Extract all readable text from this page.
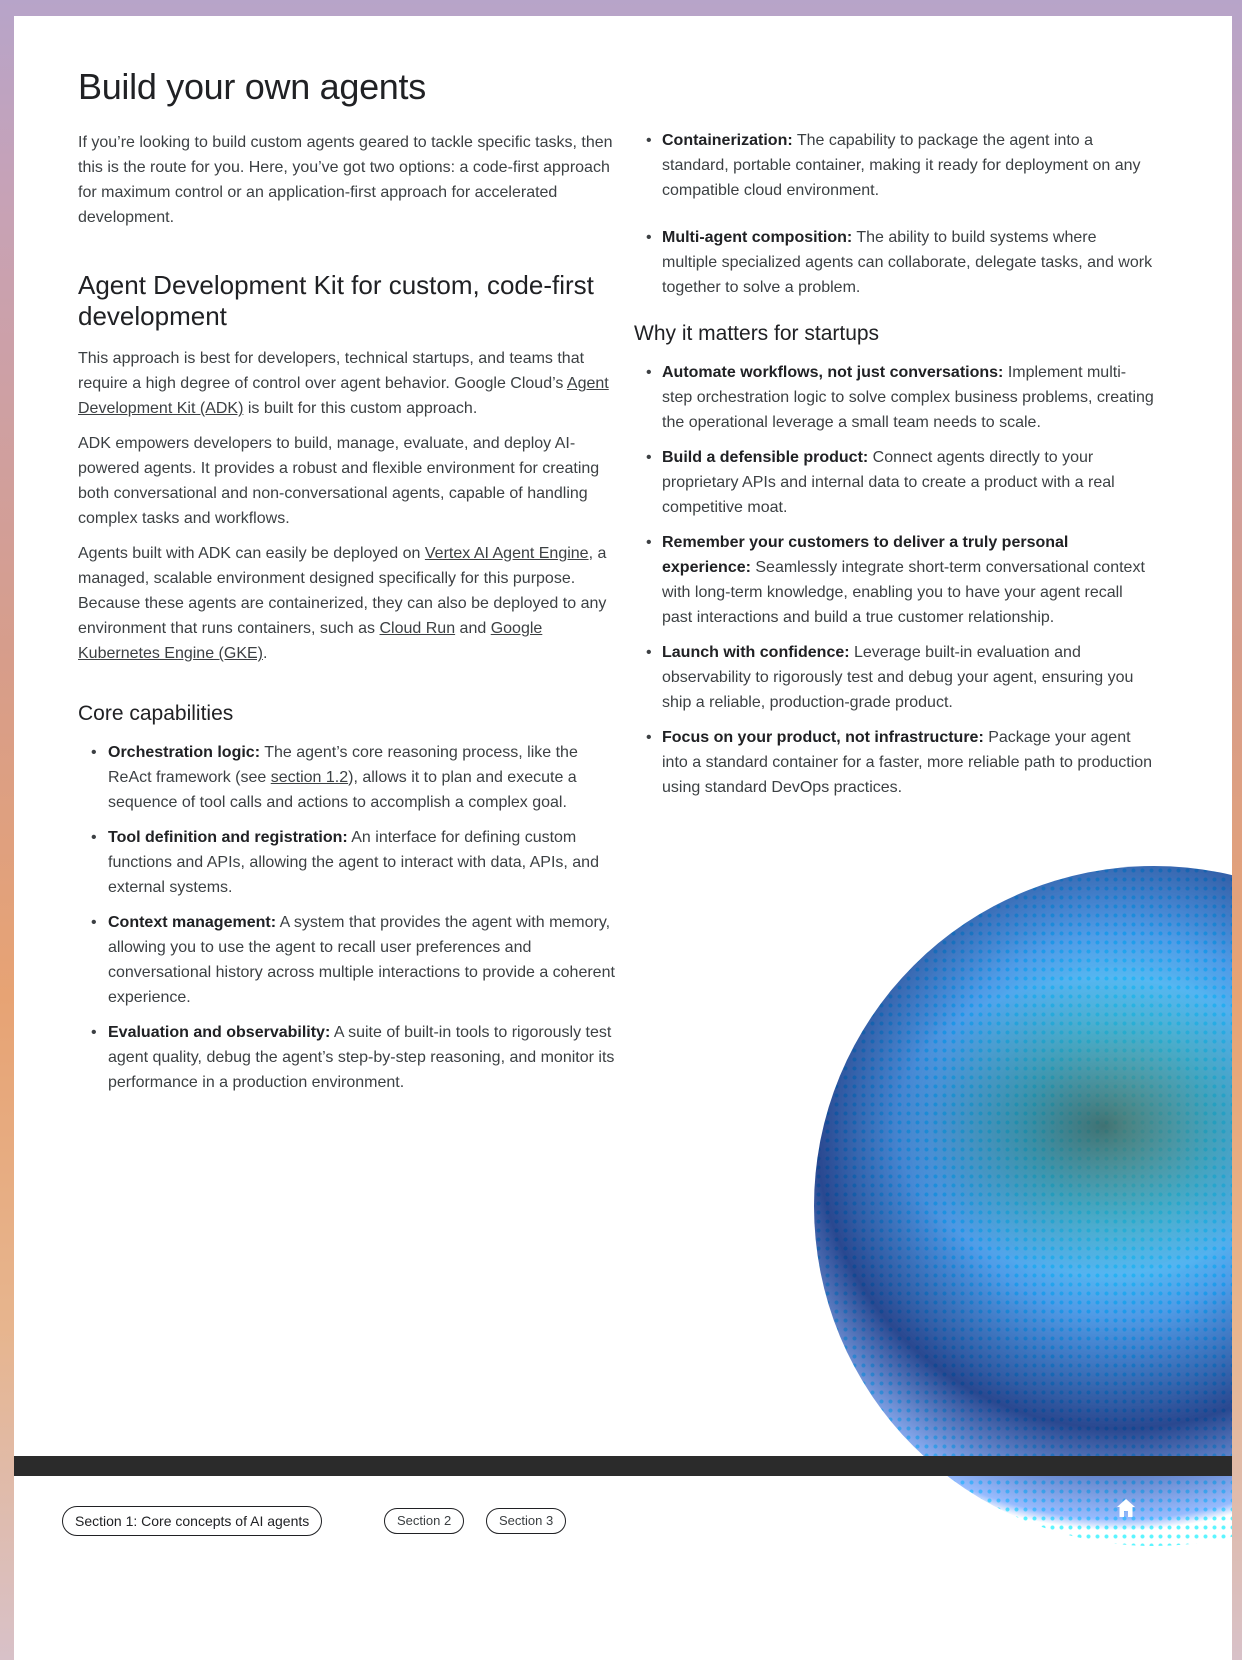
Build your own agents

If you’re looking to build custom agents geared to tackle specific tasks, then this is the route for you. Here, you’ve got two options: a code-first approach for maximum control or an application-first approach for accelerated development.

Agent Development Kit for custom, code-first development

This approach is best for developers, technical startups, and teams that require a high degree of control over agent behavior. Google Cloud’s Agent Development Kit (ADK) is built for this custom approach.

ADK empowers developers to build, manage, evaluate, and deploy AI-powered agents. It provides a robust and flexible environment for creating both conversational and non-conversational agents, capable of handling complex tasks and workflows.

Agents built with ADK can easily be deployed on Vertex AI Agent Engine, a managed, scalable environment designed specifically for this purpose. Because these agents are containerized, they can also be deployed to any environment that runs containers, such as Cloud Run and Google Kubernetes Engine (GKE).

Core capabilities
• Orchestration logic: The agent’s core reasoning process, like the ReAct framework (see section 1.2), allows it to plan and execute a sequence of tool calls and actions to accomplish a complex goal.
• Tool definition and registration: An interface for defining custom functions and APIs, allowing the agent to interact with data, APIs, and external systems.
• Context management: A system that provides the agent with memory, allowing you to use the agent to recall user preferences and conversational history across multiple interactions to provide a coherent experience.
• Evaluation and observability: A suite of built-in tools to rigorously test agent quality, debug the agent’s step-by-step reasoning, and monitor its performance in a production environment.
• Containerization: The capability to package the agent into a standard, portable container, making it ready for deployment on any compatible cloud environment.
• Multi-agent composition: The ability to build systems where multiple specialized agents can collaborate, delegate tasks, and work together to solve a problem.
Why it matters for startups
• Automate workflows, not just conversations: Implement multi-step orchestration logic to solve complex business problems, creating the operational leverage a small team needs to scale.
• Build a defensible product: Connect agents directly to your proprietary APIs and internal data to create a product with a real competitive moat.
• Remember your customers to deliver a truly personal experience: Seamlessly integrate short-term conversational context with long-term knowledge, enabling you to have your agent recall past interactions and build a true customer relationship.
• Launch with confidence: Leverage built-in evaluation and observability to rigorously test and debug your agent, ensuring you ship a reliable, production-grade product.
• Focus on your product, not infrastructure: Package your agent into a standard container for a faster, more reliable path to production using standard DevOps practices.
Section 1: Core concepts of AI agents	Section 2	Section 3
